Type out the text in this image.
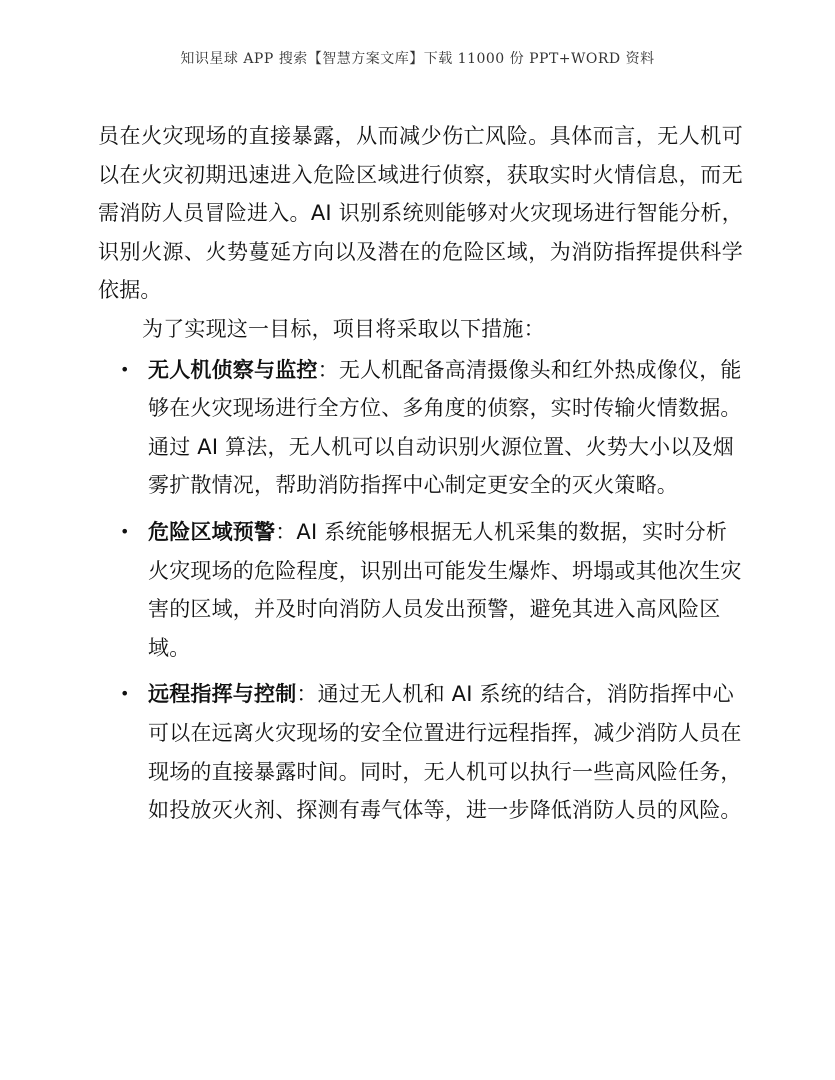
知识星球 APP 搜索【智慧方案文库】下载 11000 份 PPT+WORD 资料

员在火灾现场的直接暴露，从而减少伤亡风险。具体而言，无人机可以在火灾初期迅速进入危险区域进行侦察，获取实时火情信息，而无需消防人员冒险进入。AI 识别系统则能够对火灾现场进行智能分析，识别火源、火势蔓延方向以及潜在的危险区域，为消防指挥提供科学依据。

为了实现这一目标，项目将采取以下措施：

• 无人机侦察与监控：无人机配备高清摄像头和红外热成像仪，能够在火灾现场进行全方位、多角度的侦察，实时传输火情数据。通过 AI 算法，无人机可以自动识别火源位置、火势大小以及烟雾扩散情况，帮助消防指挥中心制定更安全的灭火策略。
• 危险区域预警：AI 系统能够根据无人机采集的数据，实时分析火灾现场的危险程度，识别出可能发生爆炸、坍塌或其他次生灾害的区域，并及时向消防人员发出预警，避免其进入高风险区域。
• 远程指挥与控制：通过无人机和 AI 系统的结合，消防指挥中心可以在远离火灾现场的安全位置进行远程指挥，减少消防人员在现场的直接暴露时间。同时，无人机可以执行一些高风险任务，如投放灭火剂、探测有毒气体等，进一步降低消防人员的风险。
